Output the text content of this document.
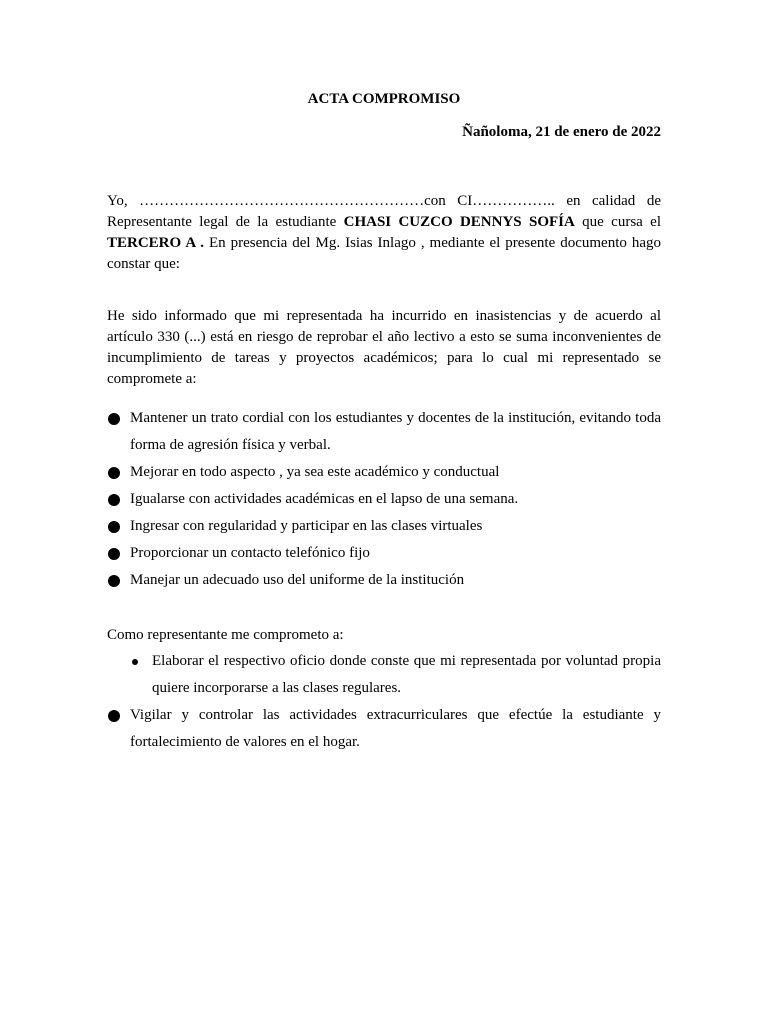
ACTA COMPROMISO
Ñañoloma, 21 de enero de 2022
Yo, …………………………………………………con CI…………….. en calidad de Representante legal de la estudiante CHASI CUZCO DENNYS SOFÍA que cursa el TERCERO A . En presencia del Mg. Isias Inlago , mediante el presente documento hago constar que:
He sido informado que mi representada ha incurrido en inasistencias y de acuerdo al artículo 330 (...) está en riesgo de reprobar el año lectivo a esto se suma inconvenientes de incumplimiento de tareas y proyectos académicos; para lo cual mi representado se compromete a:
Mantener un trato cordial con los estudiantes y docentes de la institución, evitando toda forma de agresión física y verbal.
Mejorar en todo aspecto , ya sea este académico y conductual
Igualarse con actividades académicas en el lapso de una semana.
Ingresar con regularidad y participar en las clases virtuales
Proporcionar un contacto telefónico fijo
Manejar un adecuado uso del uniforme de la institución
Como representante me comprometo a:
Elaborar el respectivo oficio donde conste que mi representada por voluntad propia quiere incorporarse a las clases regulares.
Vigilar y controlar las actividades extracurriculares que efectúe la estudiante y fortalecimiento de valores en el hogar.
